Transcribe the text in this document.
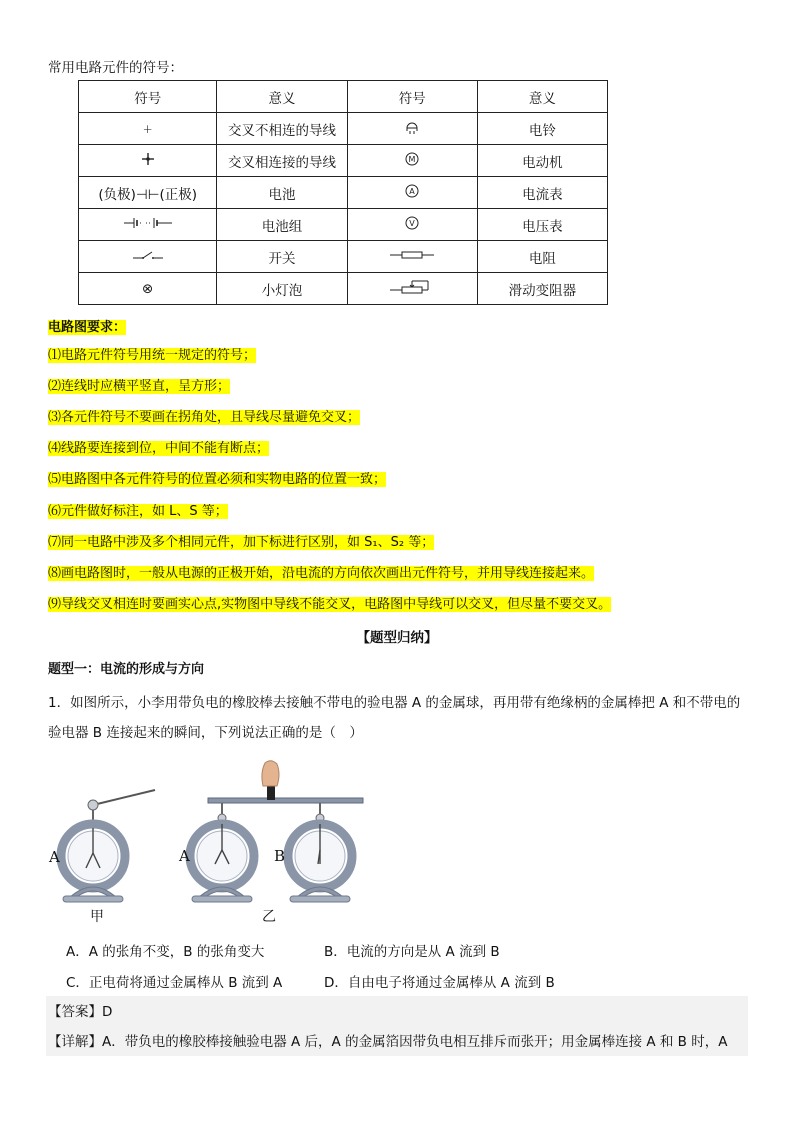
常用电路元件的符号：
符号	意义	符号	意义
+	交叉不相连的导线		电铃
	交叉相连接的导线	M	电动机
(负极)⊣⊢(正极)	电池	A	电流表
	电池组	V	电压表
	开关		电阻
⊗	小灯泡		滑动变阻器
电路图要求：
⑴电路元件符号用统一规定的符号；
⑵连线时应横平竖直，呈方形；
⑶各元件符号不要画在拐角处，且导线尽量避免交叉；
⑷线路要连接到位，中间不能有断点；
⑸电路图中各元件符号的位置必须和实物电路的位置一致；
⑹元件做好标注，如 L、S 等；
⑺同一电路中涉及多个相同元件，加下标进行区别，如 S₁、S₂ 等；
⑻画电路图时，一般从电源的正极开始，沿电流的方向依次画出元件符号，并用导线连接起来。
⑼导线交叉相连时要画实心点,实物图中导线不能交叉，电路图中导线可以交叉，但尽量不要交叉。
【题型归纳】
题型一：电流的形成与方向
1．如图所示，小李用带负电的橡胶棒去接触不带电的验电器 A 的金属球，再用带有绝缘柄的金属棒把 A 和不带电的验电器 B 连接起来的瞬间，下列说法正确的是（　）
A	A	B
甲	乙
A．A 的张角不变，B 的张角变大	B．电流的方向是从 A 流到 B
C．正电荷将通过金属棒从 B 流到 A	D．自由电子将通过金属棒从 A 流到 B
【答案】D
【详解】A．带负电的橡胶棒接触验电器 A 后，A 的金属箔因带负电相互排斥而张开；用金属棒连接 A 和 B 时，A
